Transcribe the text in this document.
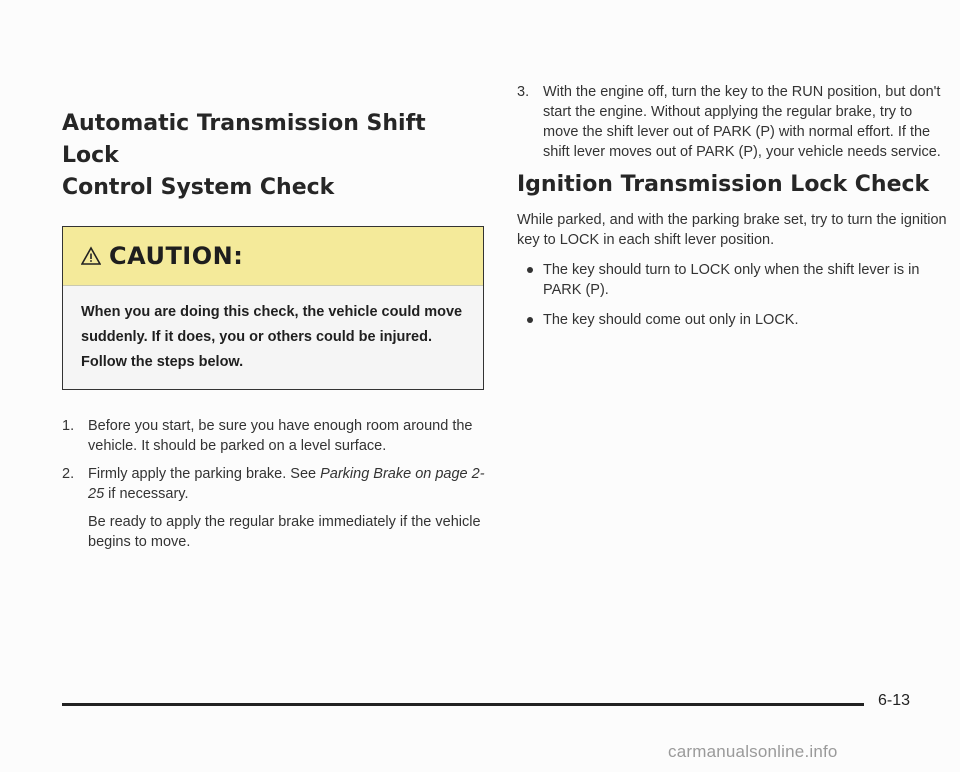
Automatic Transmission Shift Lock
Control System Check
CAUTION:
When you are doing this check, the vehicle could move suddenly. If it does, you or others could be injured. Follow the steps below.
1. Before you start, be sure you have enough room around the vehicle. It should be parked on a level surface.
2. Firmly apply the parking brake. See Parking Brake on page 2-25 if necessary.
Be ready to apply the regular brake immediately if the vehicle begins to move.
3. With the engine off, turn the key to the RUN position, but don't start the engine. Without applying the regular brake, try to move the shift lever out of PARK (P) with normal effort. If the shift lever moves out of PARK (P), your vehicle needs service.
Ignition Transmission Lock Check

While parked, and with the parking brake set, try to turn the ignition key to LOCK in each shift lever position.

The key should turn to LOCK only when the shift lever is in PARK (P).
The key should come out only in LOCK.
6-13
carmanualsonline.info
